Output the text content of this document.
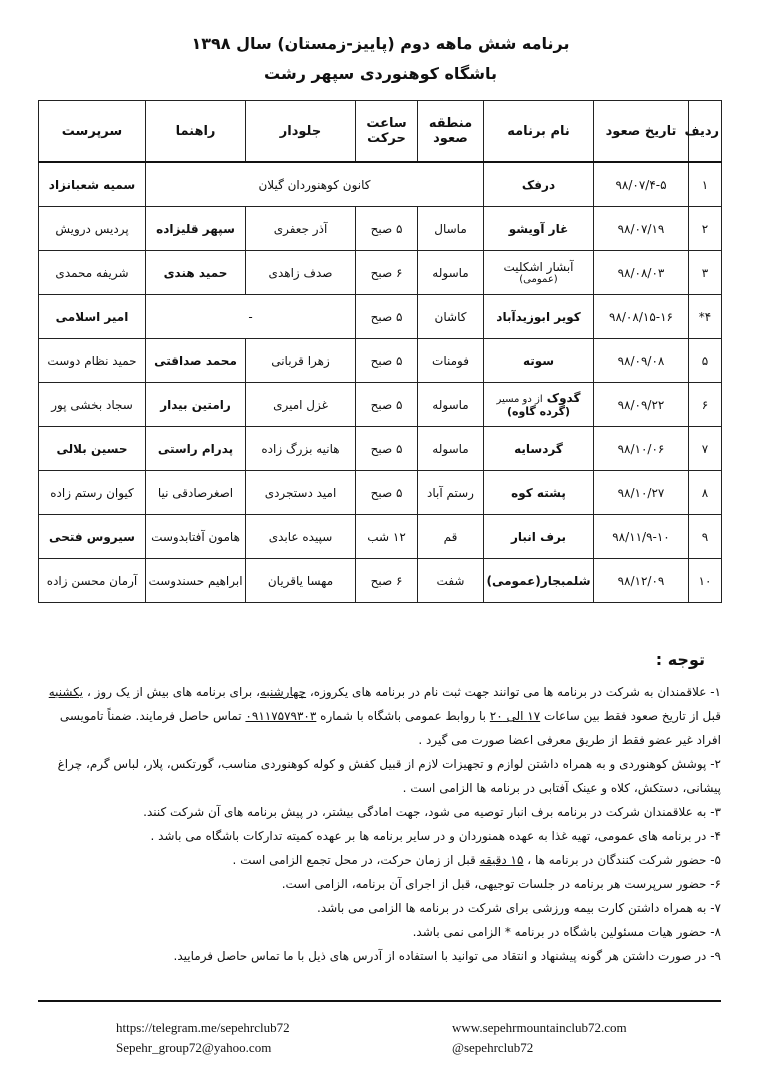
برنامه شش ماهه دوم (پاییز-زمستان) سال ۱۳۹۸
باشگاه کوهنوردی سپهر رشت
ردیف	تاریخ صعود	نام برنامه	منطقه صعود	ساعت حرکت	جلودار	راهنما	سرپرست
۱	۹۸/۰۷/۴-۵	درفک	کانون کوهنوردان گیلان				سمیه شعبانزاد
۲	۹۸/۰۷/۱۹	غار آویشو	ماسال	۵ صبح	آذر جعفری	سپهر قلیزاده	پردیس درویش
۳	۹۸/۰۸/۰۳	آبشار اشکلیت
(عمومی)	ماسوله	۶ صبح	صدف زاهدی	حمید هندی	شریفه محمدی
۴*	۹۸/۰۸/۱۵-۱۶	کویر ابوزیدآباد	کاشان	۵ صبح	-		امیر اسلامی
۵	۹۸/۰۹/۰۸	سوته	فومنات	۵ صبح	زهرا قربانی	محمد صداقتی	حمید نظام دوست
۶	۹۸/۰۹/۲۲	گدوک از دو مسیر
(گرده گاوه)	ماسوله	۵ صبح	غزل امیری	رامتین بیدار	سجاد بخشی پور
۷	۹۸/۱۰/۰۶	گردسایه	ماسوله	۵ صبح	هانیه بزرگ زاده	پدرام راستی	حسین بلالی
۸	۹۸/۱۰/۲۷	پشته کوه	رستم آباد	۵ صبح	امید دستجردی	اصغرصادقی نیا	کیوان رستم زاده
۹	۹۸/۱۱/۹-۱۰	برف انبار	قم	۱۲ شب	سپیده عابدی	هامون آفتابدوست	سیروس فتحی
۱۰	۹۸/۱۲/۰۹	شلمبجار(عمومی)	شفت	۶ صبح	مهسا یاقریان	ابراهیم حسندوست	آرمان محسن زاده
توجه :

۱- علاقمندان به شرکت در برنامه ها می توانند جهت ثبت نام در برنامه های یکروزه، چهارشنبه، برای برنامه های بیش از یک روز ، یکشنبه قبل از تاریخ صعود فقط بین ساعات ۱۷ الی ۲۰ با روابط عمومی باشگاه با شماره ۰۹۱۱۷۵۷۹۳۰۳ تماس حاصل فرمایند. ضمناً تامویسی افراد غیر عضو فقط از طریق معرفی اعضا صورت می گیرد .

۲- پوشش کوهنوردی و به همراه داشتن لوازم و تجهیزات لازم از قبیل کفش و کوله کوهنوردی مناسب، گورتکس، پلار، لباس گرم، چراغ پیشانی، دستکش، کلاه و عینک آفتابی در برنامه ها الزامی است .

۳- به علاقمندان شرکت در برنامه برف انبار توصیه می شود، جهت امادگی بیشتر، در پیش برنامه های آن شرکت کنند.

۴- در برنامه های عمومی، تهیه غذا به عهده همنوردان و در سایر برنامه ها بر عهده کمیته تدارکات باشگاه می باشد .

۵- حضور شرکت کنندگان در برنامه ها ، ۱۵ دقیقه قبل از زمان حرکت، در محل تجمع الزامی است .

۶- حضور سرپرست هر برنامه در جلسات توجیهی، قبل از اجرای آن برنامه، الزامی است.

۷- به همراه داشتن کارت بیمه ورزشی برای شرکت در برنامه ها الزامی می باشد.

۸- حضور هیات مسئولین باشگاه در برنامه * الزامی نمی باشد.

۹- در صورت داشتن هر گونه پیشنهاد و انتقاد می توانید با استفاده از آدرس های ذیل با ما تماس حاصل فرمایید.

https://telegram.me/sepehrclub72
Sepehr_group72@yahoo.com
www.sepehrmountainclub72.com
@sepehrclub72
